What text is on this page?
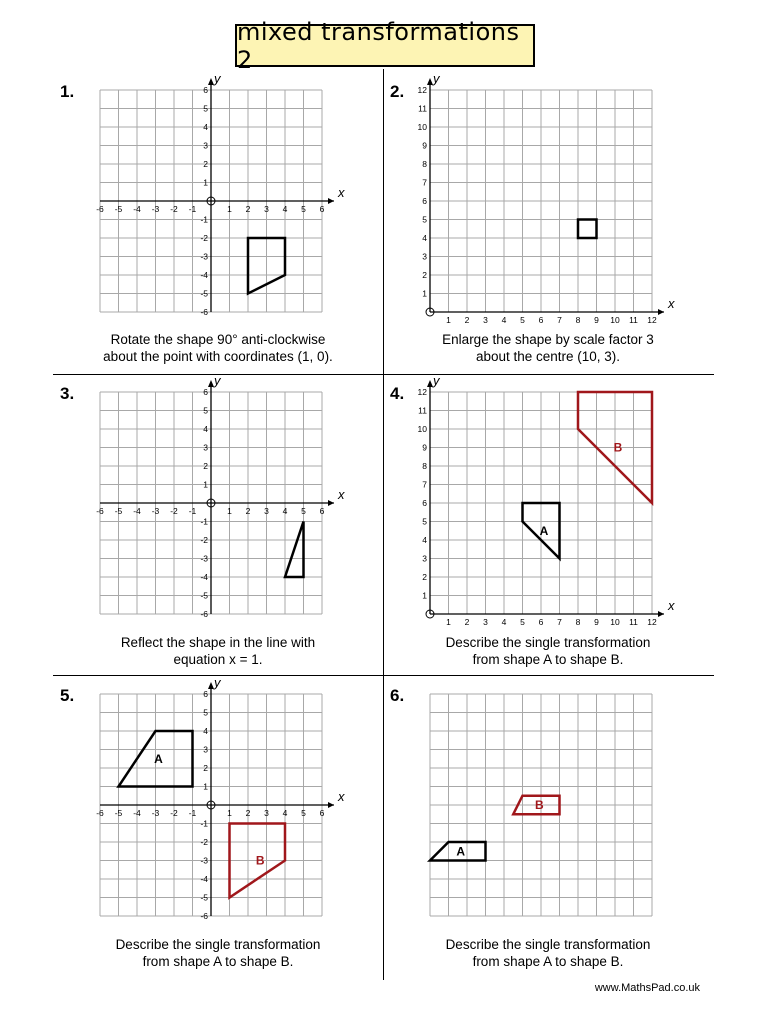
mixed transformations 2
1.
x
y
-6 -5 -4 -3 -2 -1	1 2 3 4 5 6
-6
-5
-4
-3
-2
-1
1
2
3
4
5
6
Rotate the shape 90° anti-clockwise
about the point with coordinates (1, 0).
2.
x
y
1 2 3 4 5 6 7 8 9 10 11 12
1
2
3
4
5
6
7
8
9
10
11
12
Enlarge the shape by scale factor 3
about the centre (10, 3).
3.
x
y
-6 -5 -4 -3 -2 -1	1 2 3 4 5 6
-6
-5
-4
-3
-2
-1
1
2
3
4
5
6
Reflect the shape in the line with
equation x = 1.
4.
x
y
1 2 3 4 5 6 7 8 9 10 11 12
1
2
3
4
5
6
7
8
9
10
11
12
A
B
Describe the single transformation
from shape A to shape B.
5.
x
y
-6 -5 -4 -3 -2 -1	1 2 3 4 5 6
-6
-5
-4
-3
-2
-1
1
2
3
4
5
6
A
B
Describe the single transformation
from shape A to shape B.
6.
A
B
Describe the single transformation
from shape A to shape B.
www.MathsPad.co.uk
